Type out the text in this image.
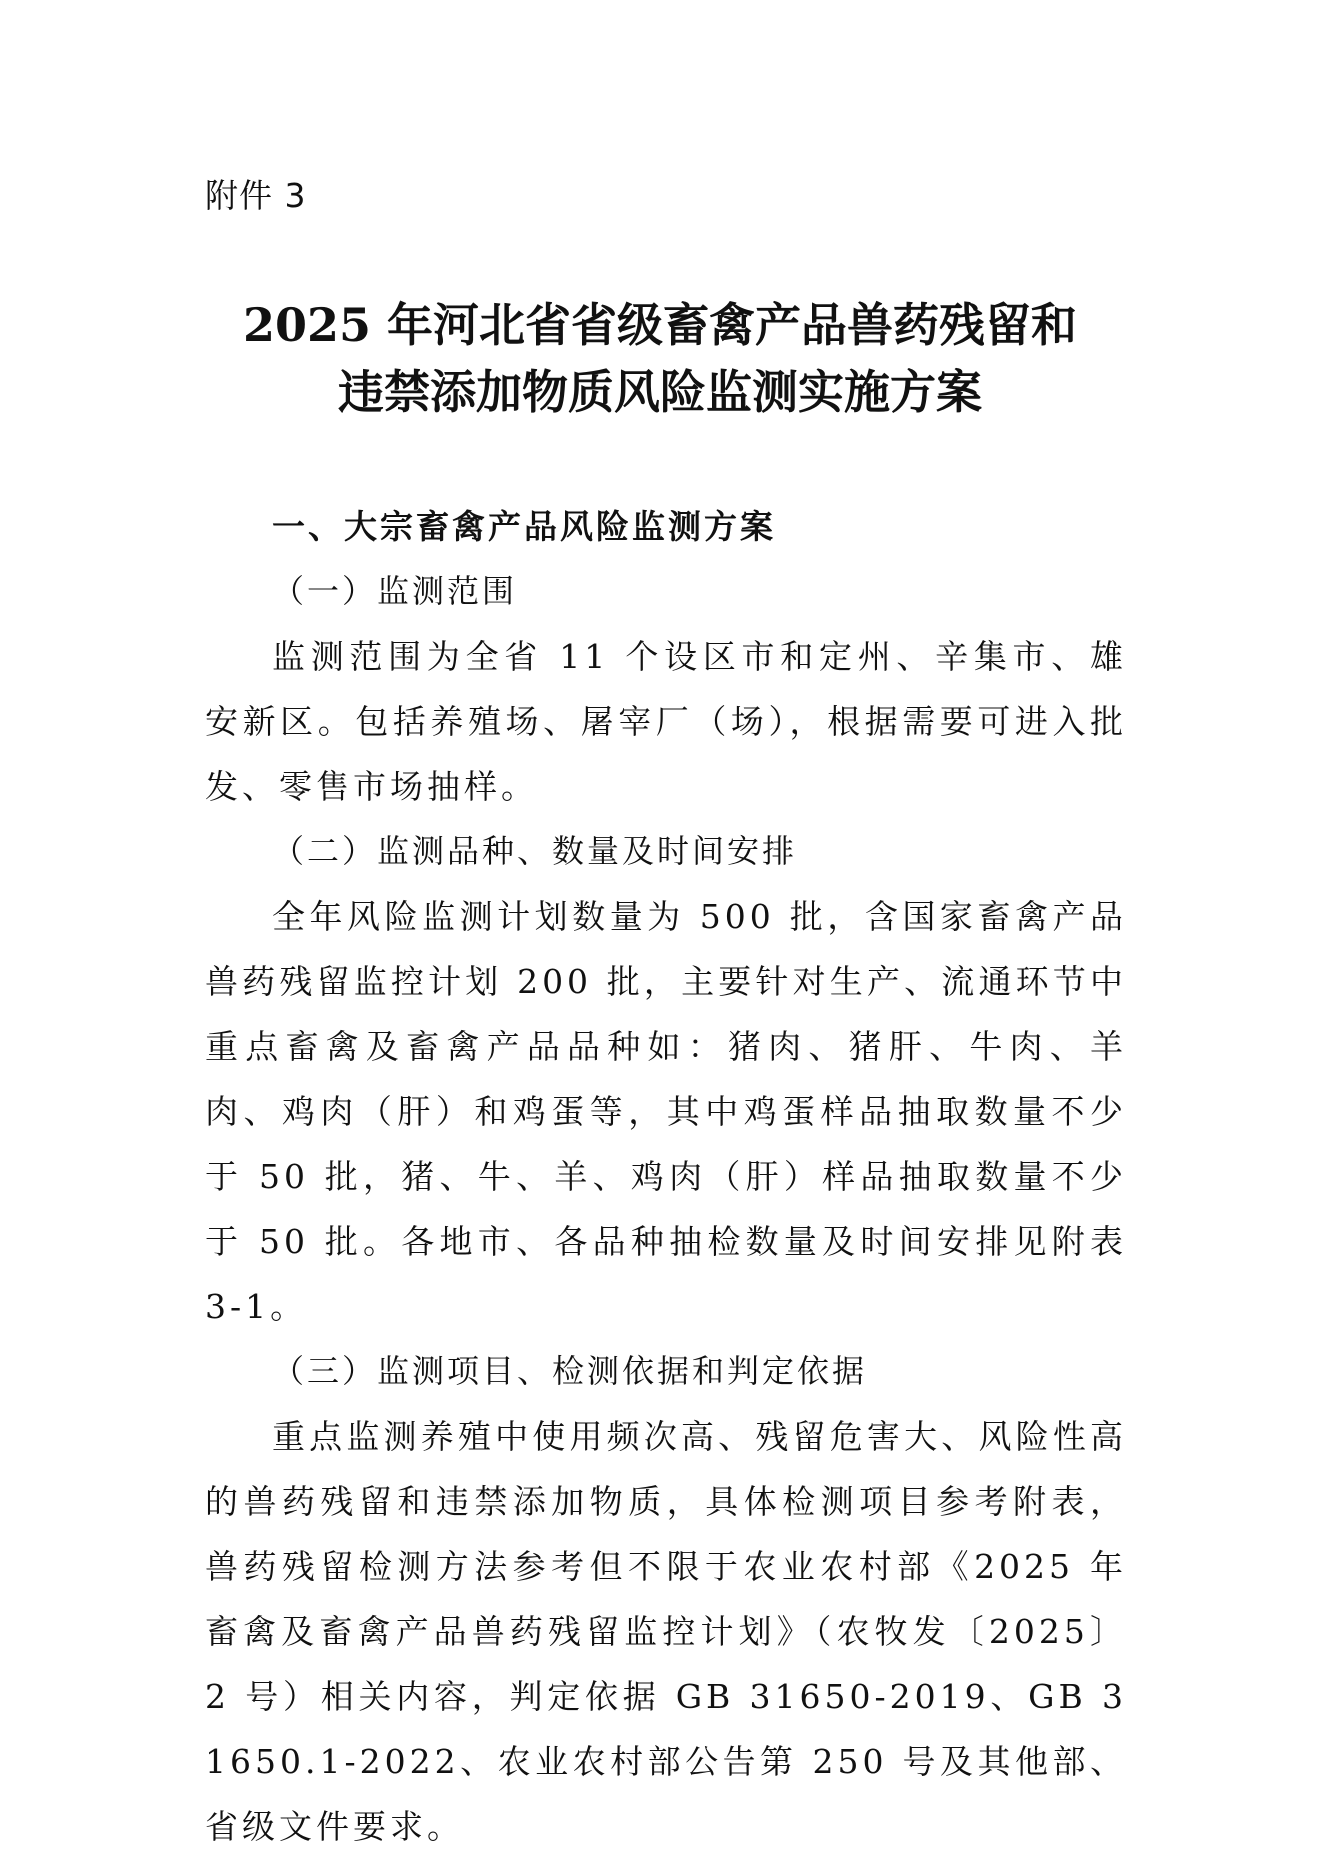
附件 3
2025 年河北省省级畜禽产品兽药残留和
违禁添加物质风险监测实施方案

一、大宗畜禽产品风险监测方案

（一）监测范围

监测范围为全省 11 个设区市和定州、辛集市、雄安新区。包括养殖场、屠宰厂（场），根据需要可进入批发、零售市场抽样。

（二）监测品种、数量及时间安排

全年风险监测计划数量为 500 批，含国家畜禽产品兽药残留监控计划 200 批，主要针对生产、流通环节中重点畜禽及畜禽产品品种如：猪肉、猪肝、牛肉、羊肉、鸡肉（肝）和鸡蛋等，其中鸡蛋样品抽取数量不少于 50 批，猪、牛、羊、鸡肉（肝）样品抽取数量不少于 50 批。各地市、各品种抽检数量及时间安排见附表 3-1。

（三）监测项目、检测依据和判定依据

重点监测养殖中使用频次高、残留危害大、风险性高的兽药残留和违禁添加物质，具体检测项目参考附表，兽药残留检测方法参考但不限于农业农村部《2025 年畜禽及畜禽产品兽药残留监控计划》（农牧发〔2025〕2 号）相关内容，判定依据 GB 31650-2019、GB 31650.1-2022、农业农村部公告第 250 号及其他部、省级文件要求。
